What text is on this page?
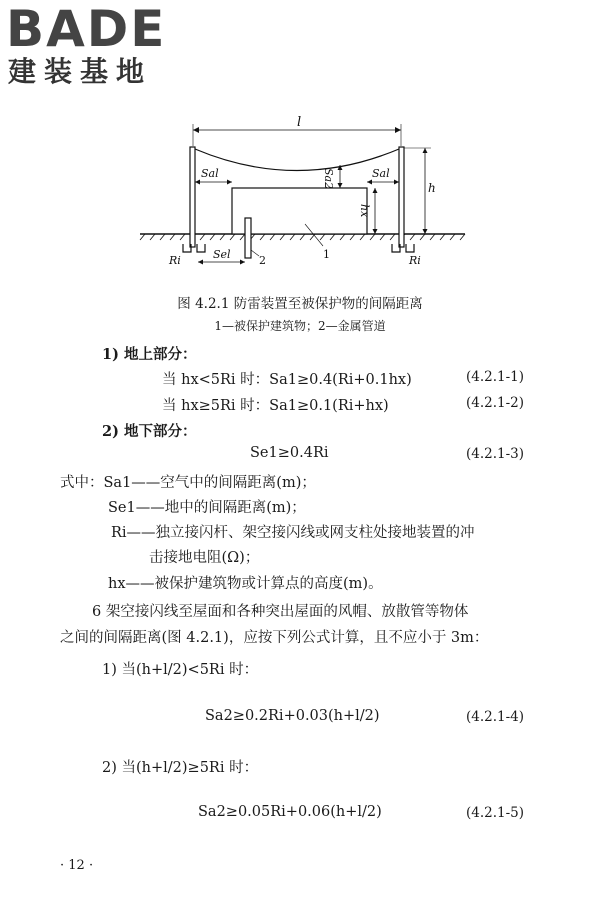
BADE
建装基地
l
Sal	Sal
Sa2
hx
h
Sel
Ri	Ri
1
2
图 4.2.1 防雷装置至被保护物的间隔距离
1—被保护建筑物；2—金属管道
1) 地上部分：
当 hx<5Ri 时：Sa1≥0.4(Ri+0.1hx)	(4.2.1-1)
当 hx≥5Ri 时：Sa1≥0.1(Ri+hx)	(4.2.1-2)
2) 地下部分：
Se1≥0.4Ri	(4.2.1-3)
式中：Sa1——空气中的间隔距离(m)；
Se1——地中的间隔距离(m)；
Ri——独立接闪杆、架空接闪线或网支柱处接地装置的冲
击接地电阻(Ω)；
hx——被保护建筑物或计算点的高度(m)。
6 架空接闪线至屋面和各种突出屋面的风帽、放散管等物体
之间的间隔距离(图 4.2.1)，应按下列公式计算，且不应小于 3m：
1) 当(h+l/2)<5Ri 时：
Sa2≥0.2Ri+0.03(h+l/2)	(4.2.1-4)
2) 当(h+l/2)≥5Ri 时：
Sa2≥0.05Ri+0.06(h+l/2)	(4.2.1-5)
· 12 ·
